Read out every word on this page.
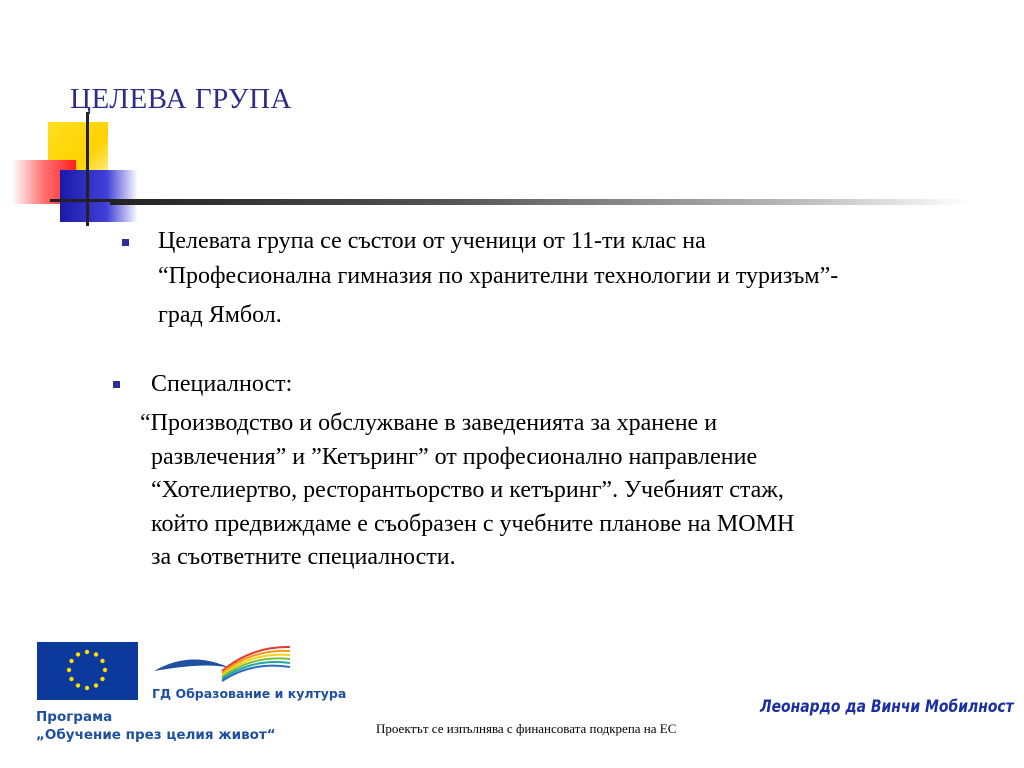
ЦЕЛЕВА ГРУПА
Целевата група се състои от ученици от 11-ти клас на
“Професионална гимназия по хранителни технологии и туризъм”-
град Ямбол.
Специалност:
“Производство и обслужване в заведенията за хранене и
развлечения” и ”Кетъринг” от професионално направление
“Хотелиертво, ресторантьорство и кетъринг”. Учебният стаж,
който предвиждаме е съобразен с учебните планове на МОМН
за съответните специалности.
ГД Образование и култура
Програма
„Обучение през целия живот“	Проектът се изпълнява с финансовата подкрепа на ЕС
Леонардо да Винчи Мобилност
